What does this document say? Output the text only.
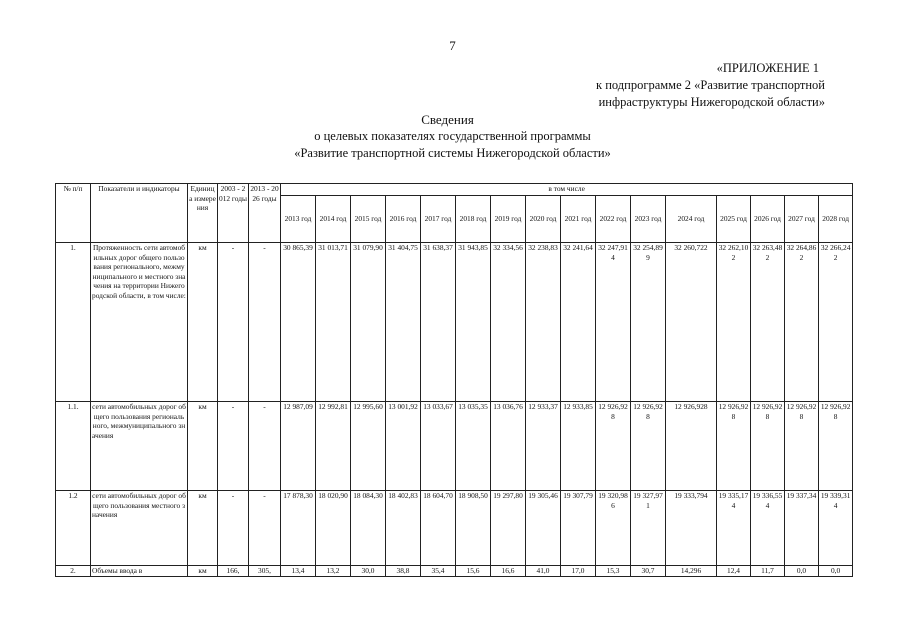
7
«ПРИЛОЖЕНИЕ 1
к подпрограмме 2 «Развитие транспортной
инфраструктуры Нижегородской области»
Сведения
о целевых показателях государственной программы
«Развитие транспортной системы Нижегородской области»
№ п/п	Показатели и индикаторы	Единица измерения	2003 - 2012 годы	2013 - 2026 годы	в том числе															
					2013 год	2014 год	2015 год	2016 год	2017 год	2018 год	2019 год	2020 год	2021 год	2022 год	2023 год	2024 год	2025 год	2026 год	2027 год	2028 год
1.	Протяженность сети автомобильных дорог общего пользования регионального, межмуниципального и местного значения на территории Нижегородской области, в том числе:	км	-	-	30 865,39	31 013,71	31 079,90	31 404,75	31 638,37	31 943,85	32 334,56	32 238,83	32 241,64	32 247,914	32 254,899	32 260,722	32 262,102	32 263,482	32 264,862	32 266,242
1.1.	сети автомобильных дорог общего пользования регионального, межмуниципального значения	км	-	-	12 987,09	12 992,81	12 995,60	13 001,92	13 033,67	13 035,35	13 036,76	12 933,37	12 933,85	12 926,928	12 926,928	12 926,928	12 926,928	12 926,928	12 926,928	12 926,928
1.2	сети автомобильных дорог общего пользования местного значения	км	-	-	17 878,30	18 020,90	18 084,30	18 402,83	18 604,70	18 908,50	19 297,80	19 305,46	19 307,79	19 320,986	19 327,971	19 333,794	19 335,174	19 336,554	19 337,34	19 339,314
2.	Объемы ввода в	км	166,	305,	13,4	13,2	30,0	38,8	35,4	15,6	16,6	41,0	17,0	15,3	30,7	14,296	12,4	11,7	0,0	0,0
